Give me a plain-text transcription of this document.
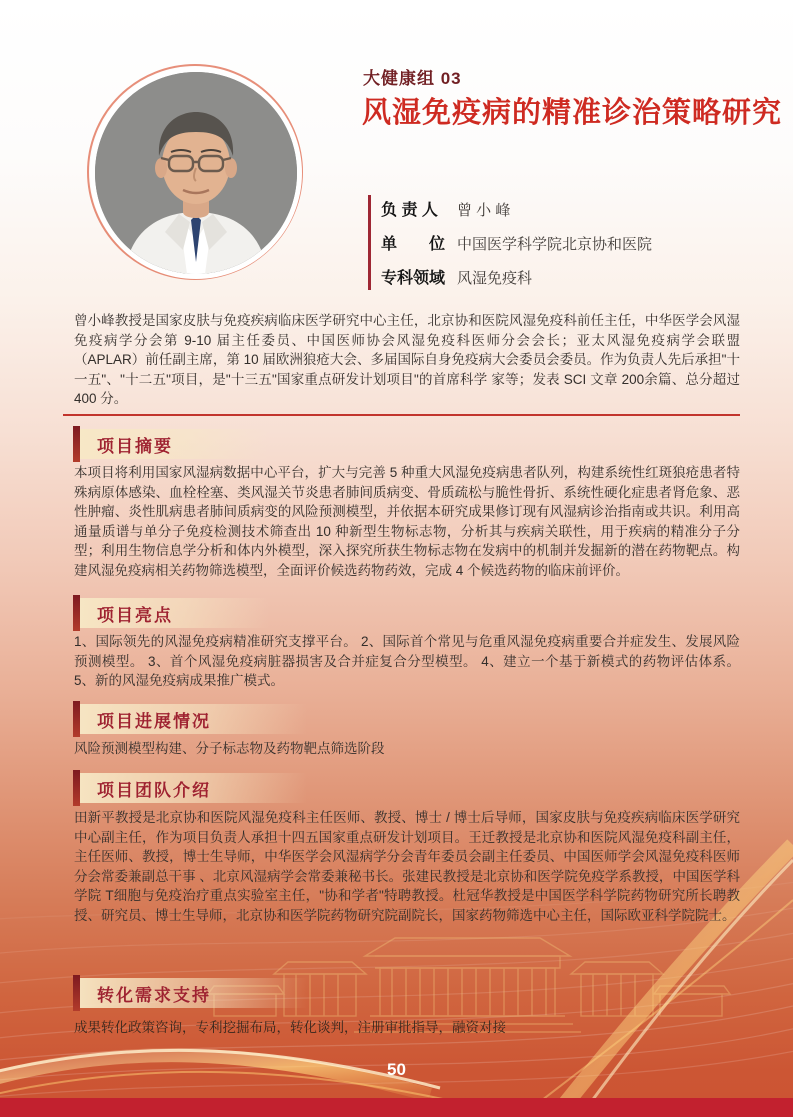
大健康组 03
风湿免疫病的精准诊治策略研究
负 责 人	曾 小 峰
单　　位 中国医学科学院北京协和医院
专科领域 风湿免疫科
曾小峰教授是国家皮肤与免疫疾病临床医学研究中心主任，北京协和医院风湿免疫科前任主任，中华医学会风湿免疫病学分会第 9-10 届主任委员、中国医师协会风湿免疫科医师分会会长；亚太风湿免疫病学会联盟（APLAR）前任副主席，第 10 届欧洲狼疮大会、多届国际自身免疫病大会委员会委员。作为负责人先后承担"十一五"、"十二五"项目，是"十三五"国家重点研发计划项目"的首席科学 家等；发表 SCI 文章 200余篇、总分超过 400 分。
项目摘要
本项目将利用国家风湿病数据中心平台，扩大与完善 5 种重大风湿免疫病患者队列，构建系统性红斑狼疮患者特殊病原体感染、血栓栓塞、类风湿关节炎患者肺间质病变、骨质疏松与脆性骨折、系统性硬化症患者肾危象、恶性肿瘤、炎性肌病患者肺间质病变的风险预测模型，并依据本研究成果修订现有风湿病诊治指南或共识。利用高通量质谱与单分子免疫检测技术筛查出 10 种新型生物标志物，分析其与疾病关联性，用于疾病的精准分子分型；利用生物信息学分析和体内外模型，深入探究所获生物标志物在发病中的机制并发掘新的潜在药物靶点。构建风湿免疫病相关药物筛选模型，全面评价候选药物药效，完成 4 个候选药物的临床前评价。
项目亮点
1、国际领先的风湿免疫病精准研究支撑平台。 2、国际首个常见与危重风湿免疫病重要合并症发生、发展风险预测模型。 3、首个风湿免疫病脏器损害及合并症复合分型模型。 4、建立一个基于新模式的药物评估体系。 5、新的风湿免疫病成果推广模式。
项目进展情况
风险预测模型构建、分子标志物及药物靶点筛选阶段
项目团队介绍
田新平教授是北京协和医院风湿免疫科主任医师、教授、博士 / 博士后导师，国家皮肤与免疫疾病临床医学研究中心副主任，作为项目负责人承担十四五国家重点研发计划项目。王迁教授是北京协和医院风湿免疫科副主任，主任医师、教授，博士生导师，中华医学会风湿病学分会青年委员会副主任委员、中国医师学会风湿免疫科医师分会常委兼副总干事 、北京风湿病学会常委兼秘书长。张建民教授是北京协和医学院免疫学系教授，中国医学科学院 T细胞与免疫治疗重点实验室主任，"协和学者"特聘教授。杜冠华教授是中国医学科学院药物研究所长聘教授、研究员、博士生导师，北京协和医学院药物研究院副院长，国家药物筛选中心主任，国际欧亚科学院院士。
转化需求支持
成果转化政策咨询，专利挖掘布局，转化谈判，注册审批指导，融资对接
50
